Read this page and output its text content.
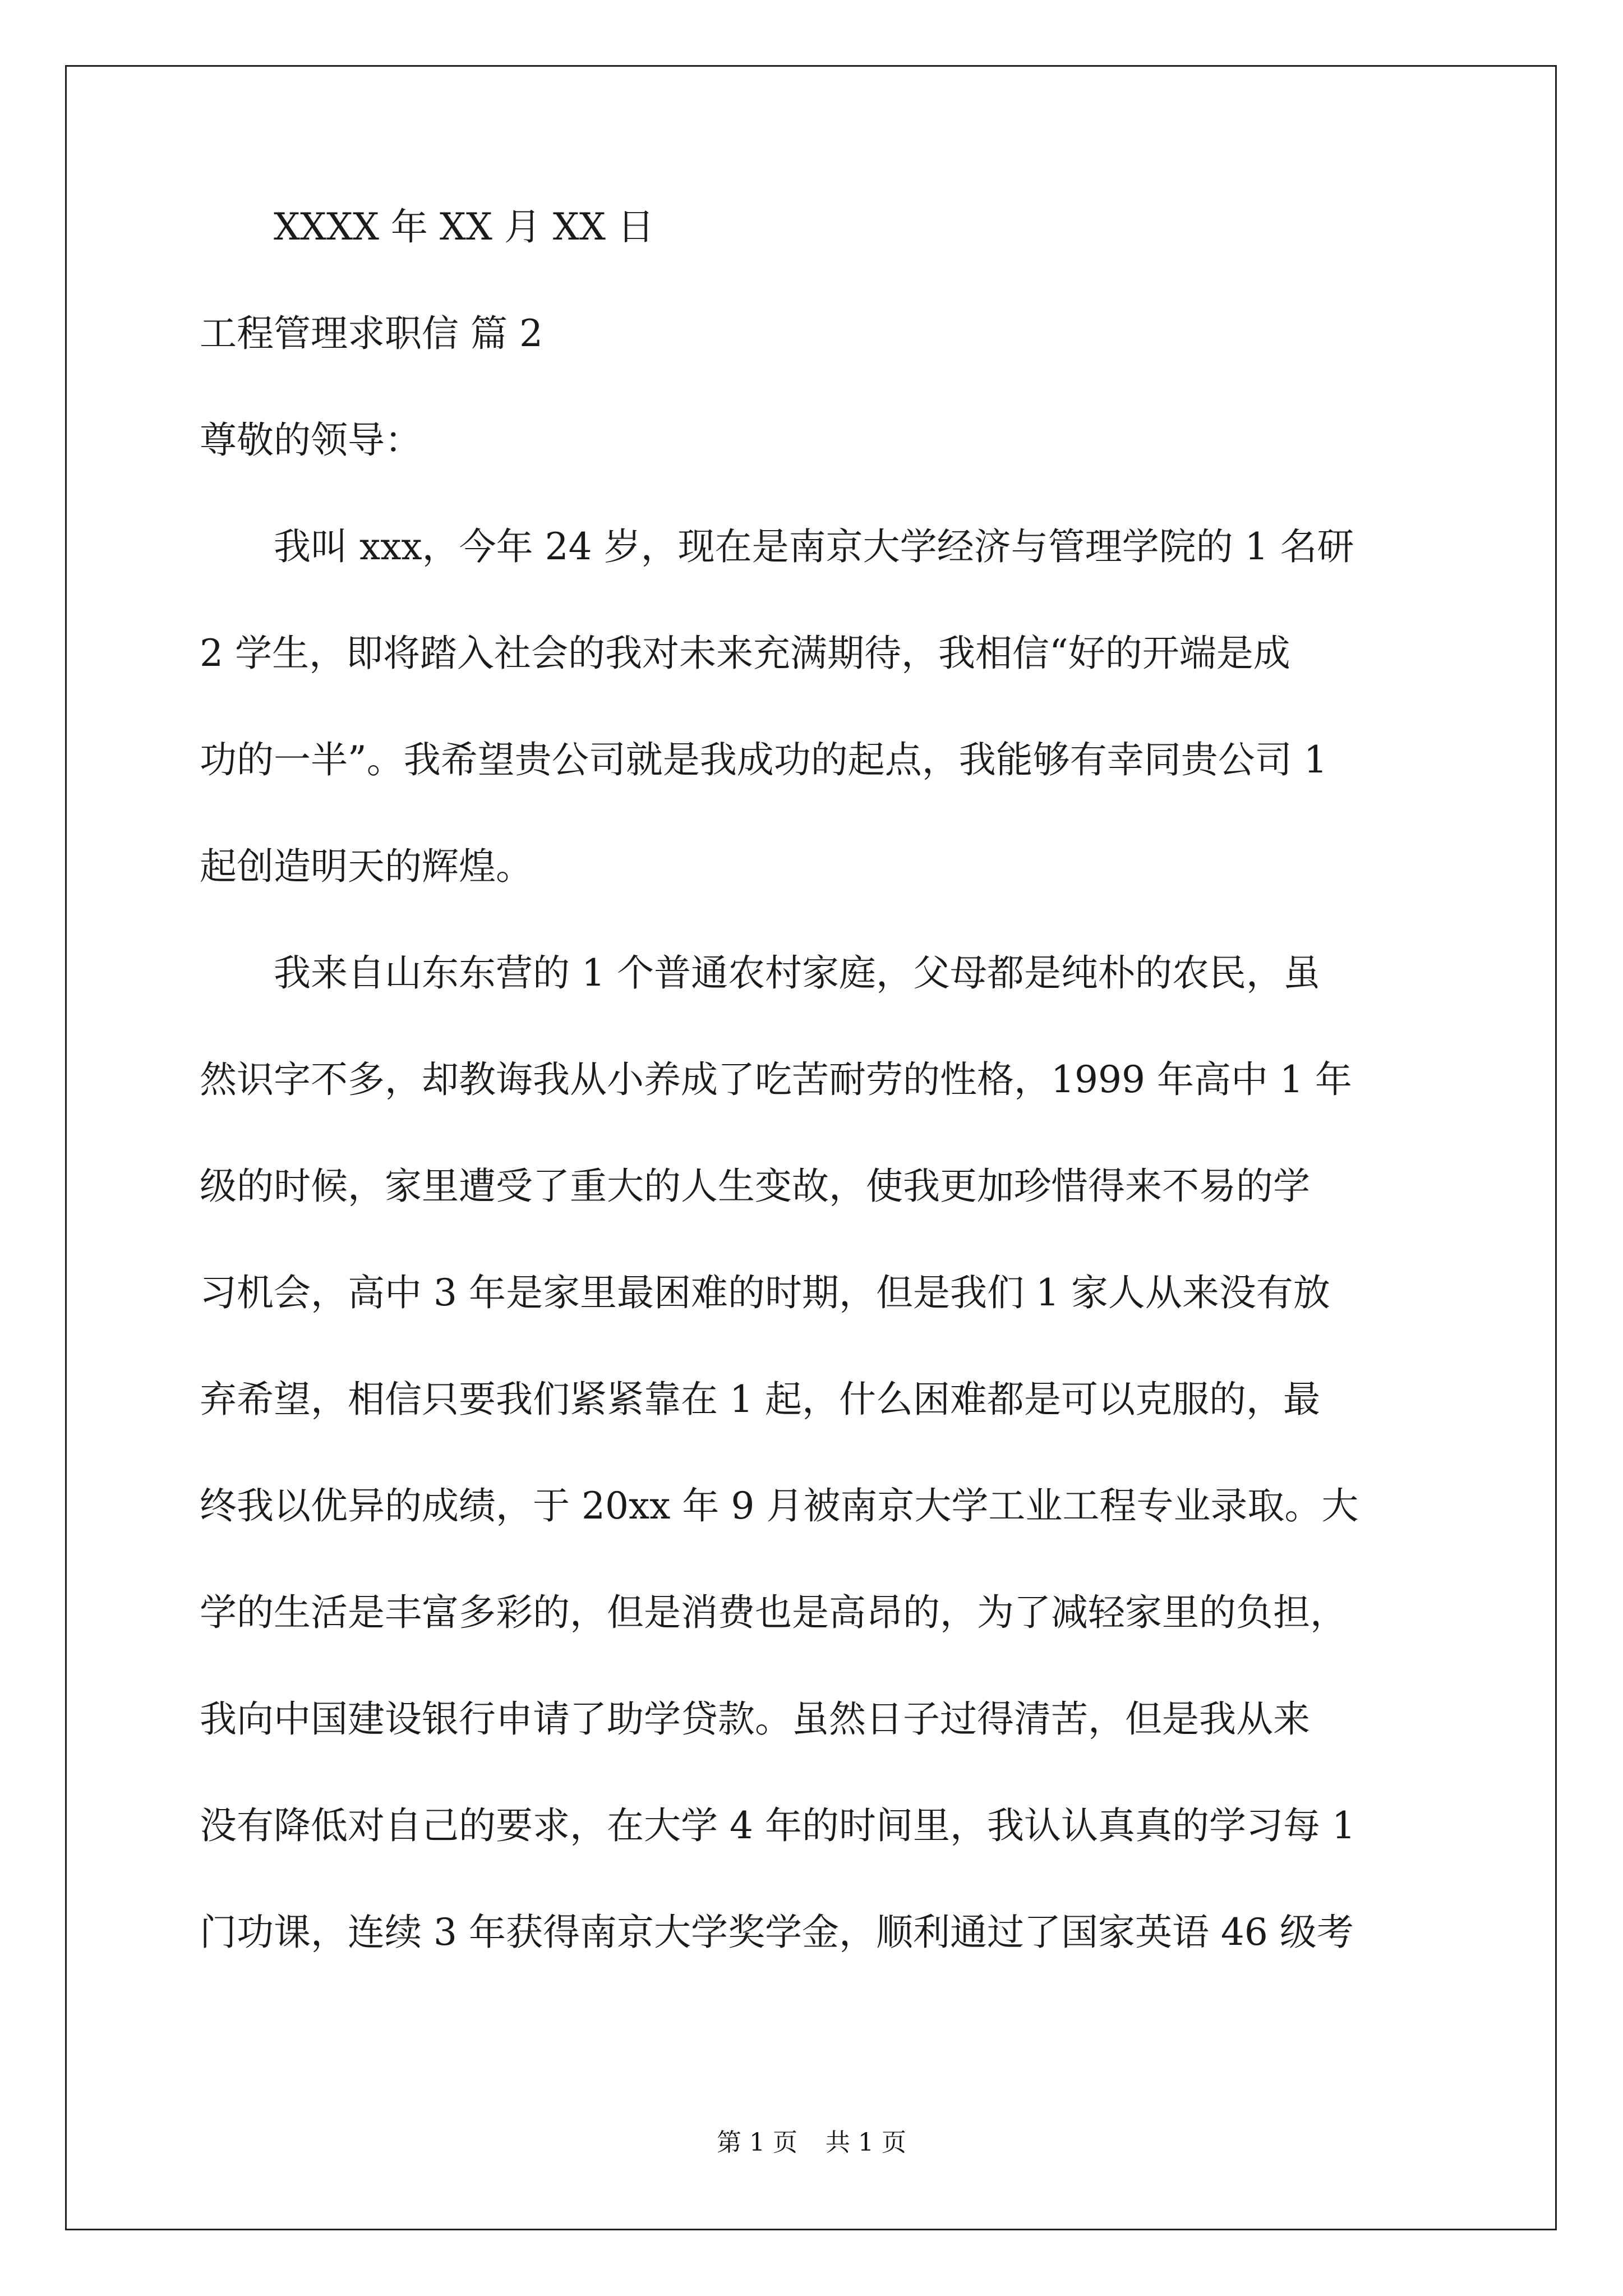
XXXX 年 XX 月 XX 日

工程管理求职信 篇 2

尊敬的领导：

我叫 xxx，今年 24 岁，现在是南京大学经济与管理学院的 1 名研

2 学生，即将踏入社会的我对未来充满期待，我相信“好的开端是成

功的一半”。我希望贵公司就是我成功的起点，我能够有幸同贵公司 1

起创造明天的辉煌。

我来自山东东营的 1 个普通农村家庭，父母都是纯朴的农民，虽

然识字不多，却教诲我从小养成了吃苦耐劳的性格，1999 年高中 1 年

级的时候，家里遭受了重大的人生变故，使我更加珍惜得来不易的学

习机会，高中 3 年是家里最困难的时期，但是我们 1 家人从来没有放

弃希望，相信只要我们紧紧靠在 1 起，什么困难都是可以克服的，最

终我以优异的成绩，于 20xx 年 9 月被南京大学工业工程专业录取。大

学的生活是丰富多彩的，但是消费也是高昂的，为了减轻家里的负担，

我向中国建设银行申请了助学贷款。虽然日子过得清苦，但是我从来

没有降低对自己的要求，在大学 4 年的时间里，我认认真真的学习每 1

门功课，连续 3 年获得南京大学奖学金，顺利通过了国家英语 46 级考

第 1 页 共 1 页
